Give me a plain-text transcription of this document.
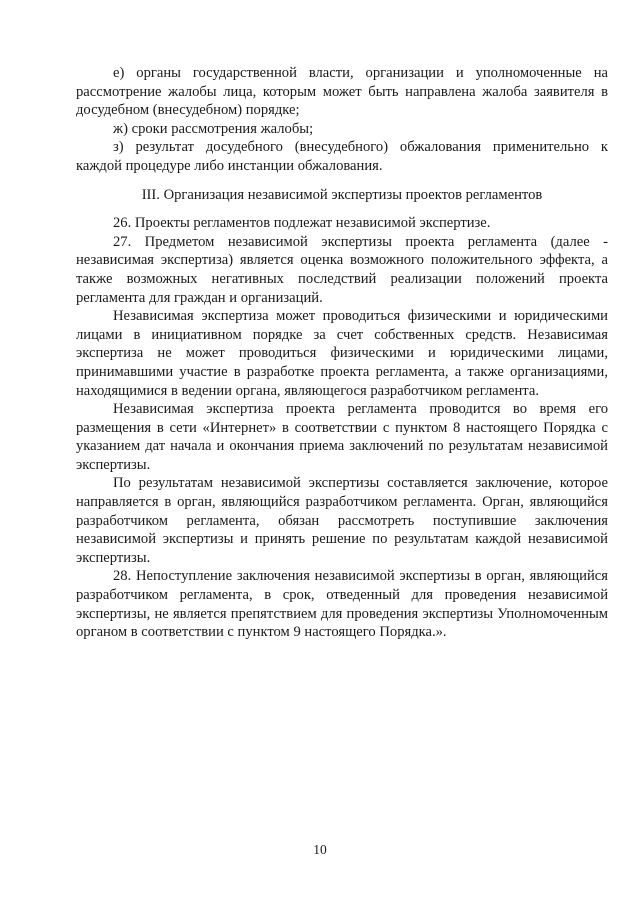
е) органы государственной власти, организации и уполномоченные на рассмотрение жалобы лица, которым может быть направлена жалоба заявителя в досудебном (внесудебном) порядке;

ж) сроки рассмотрения жалобы;

з) результат досудебного (внесудебного) обжалования применительно к каждой процедуре либо инстанции обжалования.

III. Организация независимой экспертизы проектов регламентов

26. Проекты регламентов подлежат независимой экспертизе.

27. Предметом независимой экспертизы проекта регламента (далее - независимая экспертиза) является оценка возможного положительного эффекта, а также возможных негативных последствий реализации положений проекта регламента для граждан и организаций.

Независимая экспертиза может проводиться физическими и юридическими лицами в инициативном порядке за счет собственных средств. Независимая экспертиза не может проводиться физическими и юридическими лицами, принимавшими участие в разработке проекта регламента, а также организациями, находящимися в ведении органа, являющегося разработчиком регламента.

Независимая экспертиза проекта регламента проводится во время его размещения в сети «Интернет» в соответствии с пунктом 8 настоящего Порядка с указанием дат начала и окончания приема заключений по результатам независимой экспертизы.

По результатам независимой экспертизы составляется заключение, которое направляется в орган, являющийся разработчиком регламента. Орган, являющийся разработчиком регламента, обязан рассмотреть поступившие заключения независимой экспертизы и принять решение по результатам каждой независимой экспертизы.

28. Непоступление заключения независимой экспертизы в орган, являющийся разработчиком регламента, в срок, отведенный для проведения независимой экспертизы, не является препятствием для проведения экспертизы Уполномоченным органом в соответствии с пунктом 9 настоящего Порядка.».

10
